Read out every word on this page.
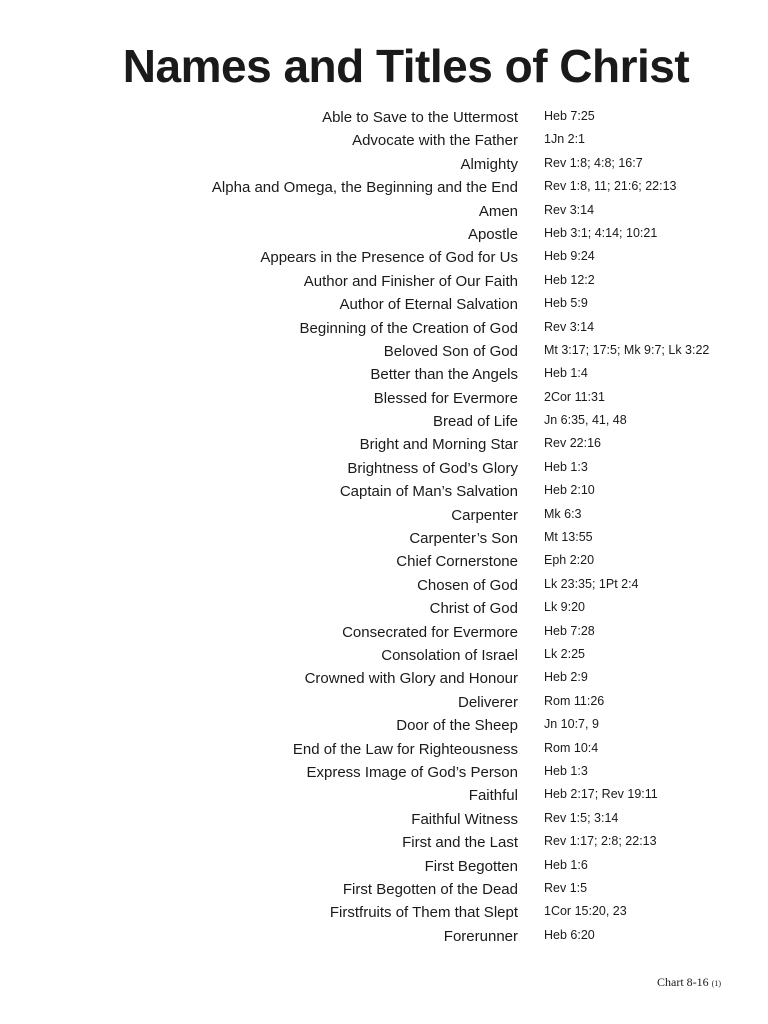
Names and Titles of Christ
Able to Save to the Uttermost Heb 7:25
Advocate with the Father 1Jn 2:1
Almighty Rev 1:8; 4:8; 16:7
Alpha and Omega, the Beginning and the End Rev 1:8, 11; 21:6; 22:13
Amen Rev 3:14
Apostle Heb 3:1; 4:14; 10:21
Appears in the Presence of God for Us Heb 9:24
Author and Finisher of Our Faith Heb 12:2
Author of Eternal Salvation Heb 5:9
Beginning of the Creation of God Rev 3:14
Beloved Son of God Mt 3:17; 17:5; Mk 9:7; Lk 3:22
Better than the Angels Heb 1:4
Blessed for Evermore 2Cor 11:31
Bread of Life Jn 6:35, 41, 48
Bright and Morning Star Rev 22:16
Brightness of God’s Glory Heb 1:3
Captain of Man’s Salvation Heb 2:10
Carpenter Mk 6:3
Carpenter’s Son Mt 13:55
Chief Cornerstone Eph 2:20
Chosen of God Lk 23:35; 1Pt 2:4
Christ of God Lk 9:20
Consecrated for Evermore Heb 7:28
Consolation of Israel Lk 2:25
Crowned with Glory and Honour Heb 2:9
Deliverer Rom 11:26
Door of the Sheep Jn 10:7, 9
End of the Law for Righteousness Rom 10:4
Express Image of God’s Person Heb 1:3
Faithful Heb 2:17; Rev 19:11
Faithful Witness Rev 1:5; 3:14
First and the Last Rev 1:17; 2:8; 22:13
First Begotten Heb 1:6
First Begotten of the Dead Rev 1:5
Firstfruits of Them that Slept 1Cor 15:20, 23
Forerunner Heb 6:20
Chart 8-16 (1)
